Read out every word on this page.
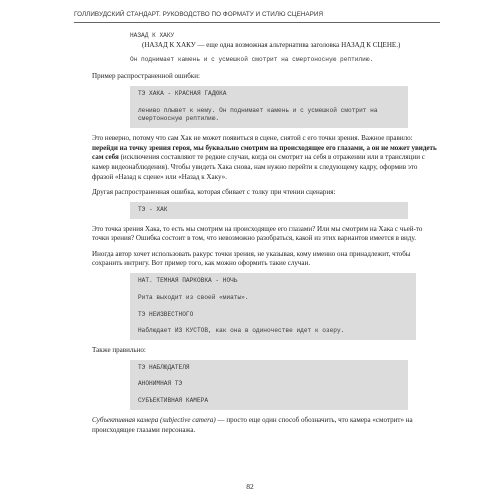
ГОЛЛИВУДСКИЙ СТАНДАРТ. РУКОВОДСТВО ПО ФОРМАТУ И СТИЛЮ СЦЕНАРИЯ
НАЗАД К ХАКУ
(НАЗАД К ХАКУ — еще одна возможная альтернатива заголовка НАЗАД К СЦЕНЕ.)
Он поднимает камень и с усмешкой смотрит на смертоносную рептилию.

Пример распространенной ошибки:

ТЭ ХАКА - КРАСНАЯ ГАДЮКА
лениво плывет к нему. Он поднимает камень и с усмешкой смотрит на смертоносную рептилию.

Это неверно, потому что сам Хак не может появиться в сцене, снятой с его точки зрения. Важное правило: перейди на точку зрения героя, мы буквально смотрим на происходящее его глазами, а он не может увидеть сам себя (исключения составляют те редкие случаи, когда он смотрит на себя в отражении или в трансляции с камер видеонаблюдения). Чтобы увидеть Хака снова, нам нужно перейти к следующему кадру, оформив это фразой «Назад к сцене» или «Назад к Хаку».

Другая распространенная ошибка, которая сбивает с толку при чтении сценария:

ТЭ - ХАК

Это точка зрения Хака, то есть мы смотрим на происходящее его глазами? Или мы смотрим на Хака с чьей-то точки зрения? Ошибка состоит в том, что невозможно разобраться, какой из этих вариантов имеется в виду.

Иногда автор хочет использовать ракурс точки зрения, не указывая, кому именно она принадлежит, чтобы сохранить интригу. Вот пример того, как можно оформить такие случаи.

НАТ. ТЕМНАЯ ПАРКОВКА - НОЧЬ
Рита выходит из своей «миаты».
ТЭ НЕИЗВЕСТНОГО
Наблюдает ИЗ КУСТОВ, как она в одиночестве идет к озеру.

Также правильно:

ТЭ НАБЛЮДАТЕЛЯ
АНОНИМНАЯ ТЭ
СУБЪЕКТИВНАЯ КАМЕРА

Субъективная камера (subjective camera) — просто еще один способ обозначить, что камера «смотрит» на происходящее глазами персонажа.

82
